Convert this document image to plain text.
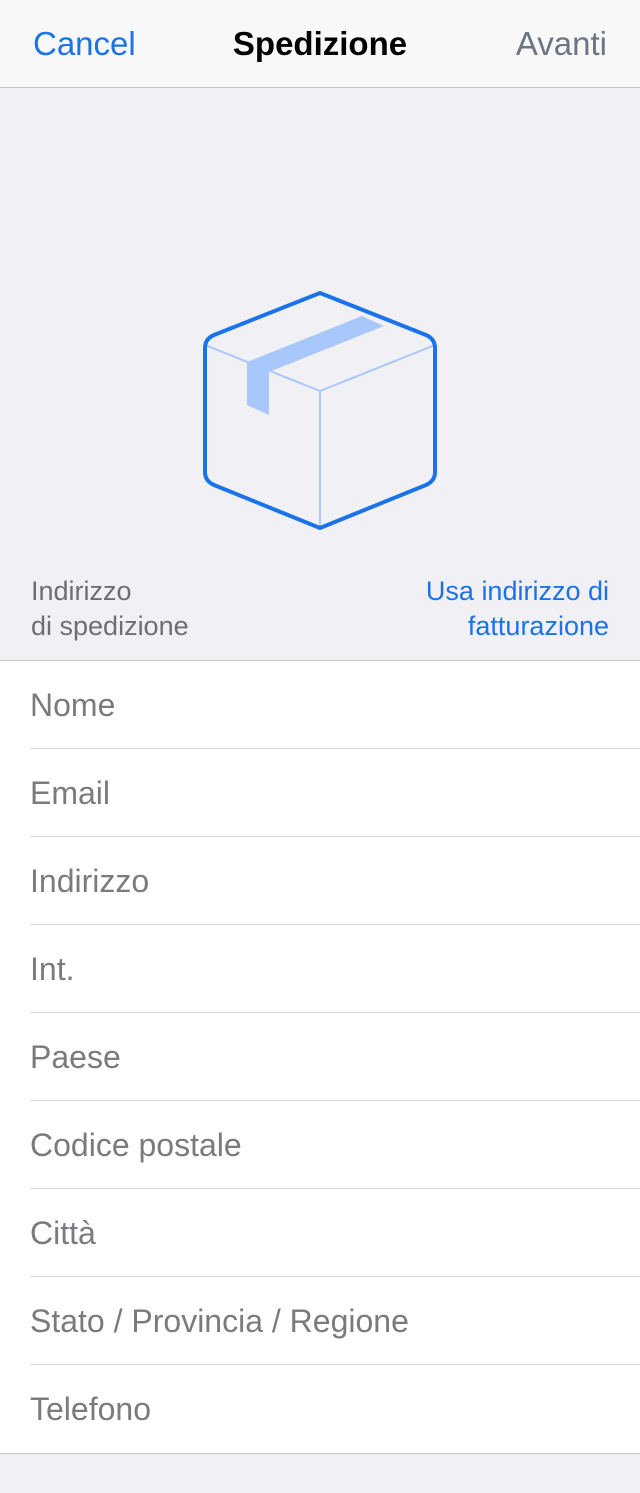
Cancel	Spedizione	Avanti
Indirizzo
di spedizione
Usa indirizzo di
fatturazione
Nome
Email
Indirizzo
Int.
Paese
Codice postale
Città
Stato / Provincia / Regione
Telefono
